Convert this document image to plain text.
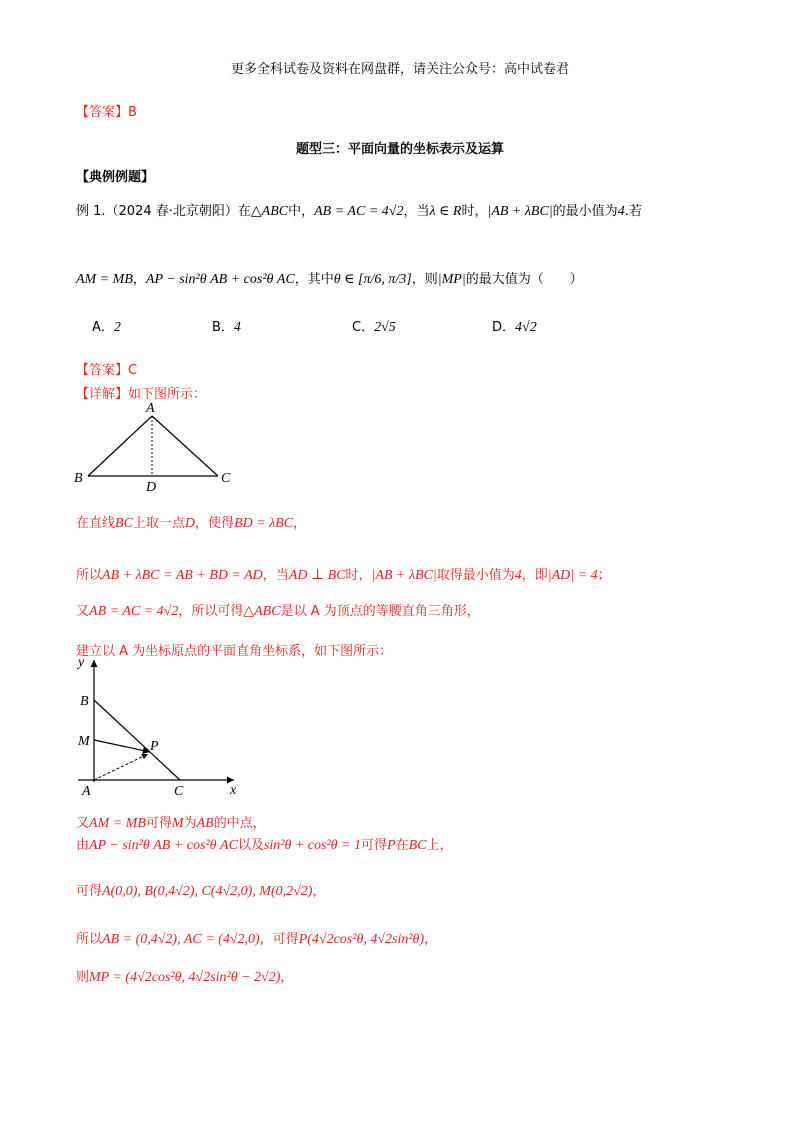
更多全科试卷及资料在网盘群，请关注公众号：高中试卷君
【答案】B
题型三：平面向量的坐标表示及运算
【典例例题】
例 1.（2024 春·北京朝阳）在△ABC中，AB = AC = 4√2，当λ ∈ R时，|AB + λBC|的最小值为4.若
AM = MB，AP − sin²θ AB + cos²θ AC，其中θ ∈ [π/6, π/3]，则|MP|的最大值为（　　）
A．2	B．4	C．2√5	D．4√2
【答案】C
【详解】如下图所示：
A
B	C
D
在直线BC上取一点D，使得BD = λBC，
所以AB + λBC = AB + BD = AD，当AD ⊥ BC时，|AB + λBC|取得最小值为4，即|AD| = 4；
又AB = AC = 4√2，所以可得△ABC是以 A 为顶点的等腰直角三角形，
建立以 A 为坐标原点的平面直角坐标系，如下图所示：
y
x
B
M	P
A	C
又AM = MB可得M为AB的中点，
由AP − sin²θ AB + cos²θ AC以及sin²θ + cos²θ = 1可得P在BC上，
可得A(0,0), B(0,4√2), C(4√2,0), M(0,2√2)，
所以AB = (0,4√2), AC = (4√2,0)，可得P(4√2cos²θ, 4√2sin²θ)，
则MP = (4√2cos²θ, 4√2sin²θ − 2√2)，
